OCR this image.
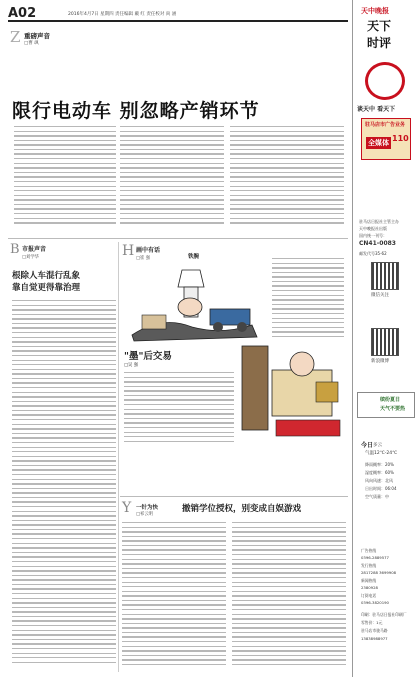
A02	2016年4月7日 星期四 责任编辑 戴 红 责任校对 尚 涵
Z 重磅声音
□曹 飒
限行电动车 别忽略产销环节
B 市报声音
□刘学华
根除人车混行乱象
靠自觉更得靠治理
H 画中有话
□崔 强	铁腕
"墨"后交易
□吴 强
Y 一针为快
□祁云明
撤销学位授权，别变成自娱游戏
天中晚报
天下
时评
谈天中 看天下
驻马店市广告业务
全媒体 110
驻马店日报社主管主办
天中晚报社出版
国内统一刊号：
CN41-0083
邮发代号35-62
微信关注
新浪微博
缤纷夏日
天气不要热
今日 多云
气温12℃-24℃
降雨概率：20%
湿度概率：60%
风向风速：北风
日出时间：06:04
空气质量：中
广告热线
0396-2889577
发行热线
2817288 3699908
新闻热线
2380928
订阅电话
0396-3820190
印刷：驻马店日报社印刷厂
零售价：1元
驻马店市骏马路
13838988977
